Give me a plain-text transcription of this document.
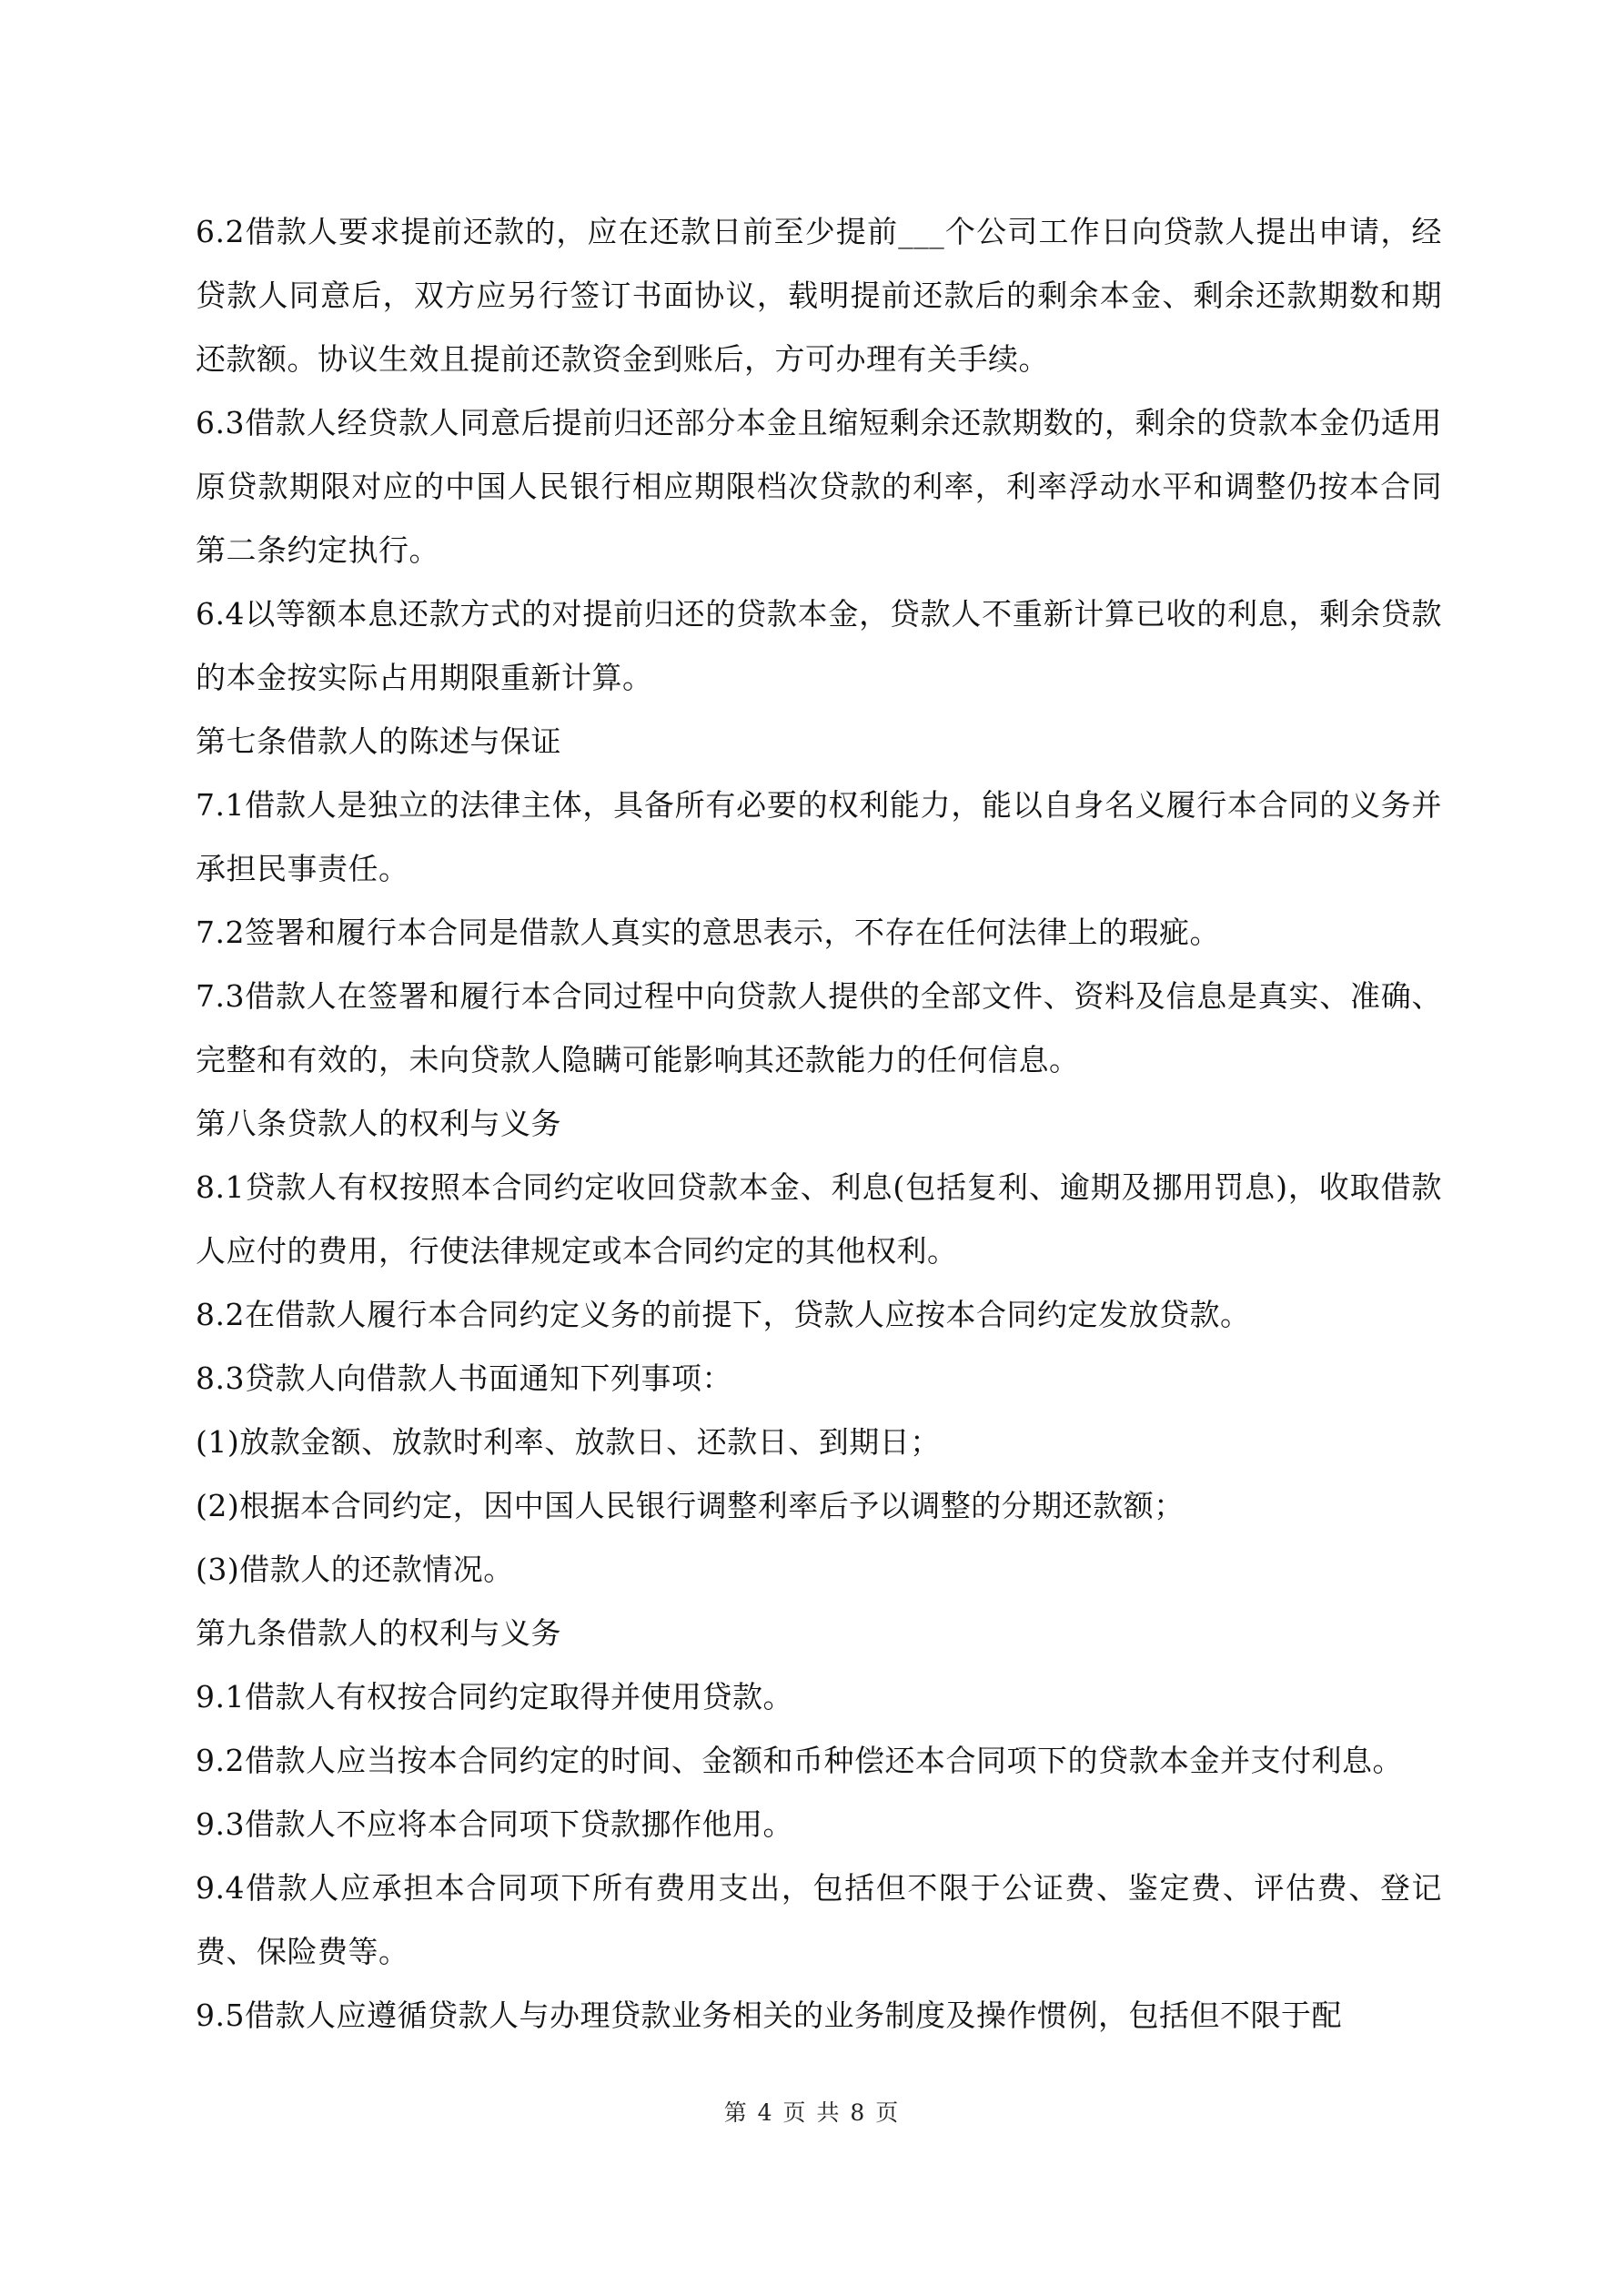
6.2借款人要求提前还款的，应在还款日前至少提前___个公司工作日向贷款人提出申请，经贷款人同意后，双方应另行签订书面协议，载明提前还款后的剩余本金、剩余还款期数和期还款额。协议生效且提前还款资金到账后，方可办理有关手续。

6.3借款人经贷款人同意后提前归还部分本金且缩短剩余还款期数的，剩余的贷款本金仍适用原贷款期限对应的中国人民银行相应期限档次贷款的利率，利率浮动水平和调整仍按本合同第二条约定执行。

6.4以等额本息还款方式的对提前归还的贷款本金，贷款人不重新计算已收的利息，剩余贷款的本金按实际占用期限重新计算。

第七条借款人的陈述与保证

7.1借款人是独立的法律主体，具备所有必要的权利能力，能以自身名义履行本合同的义务并承担民事责任。

7.2签署和履行本合同是借款人真实的意思表示，不存在任何法律上的瑕疵。

7.3借款人在签署和履行本合同过程中向贷款人提供的全部文件、资料及信息是真实、准确、完整和有效的，未向贷款人隐瞒可能影响其还款能力的任何信息。

第八条贷款人的权利与义务

8.1贷款人有权按照本合同约定收回贷款本金、利息(包括复利、逾期及挪用罚息)，收取借款人应付的费用，行使法律规定或本合同约定的其他权利。

8.2在借款人履行本合同约定义务的前提下，贷款人应按本合同约定发放贷款。

8.3贷款人向借款人书面通知下列事项：

(1)放款金额、放款时利率、放款日、还款日、到期日；

(2)根据本合同约定，因中国人民银行调整利率后予以调整的分期还款额；

(3)借款人的还款情况。

第九条借款人的权利与义务

9.1借款人有权按合同约定取得并使用贷款。

9.2借款人应当按本合同约定的时间、金额和币种偿还本合同项下的贷款本金并支付利息。

9.3借款人不应将本合同项下贷款挪作他用。

9.4借款人应承担本合同项下所有费用支出，包括但不限于公证费、鉴定费、评估费、登记费、保险费等。

9.5借款人应遵循贷款人与办理贷款业务相关的业务制度及操作惯例，包括但不限于配

第 4 页 共 8 页
